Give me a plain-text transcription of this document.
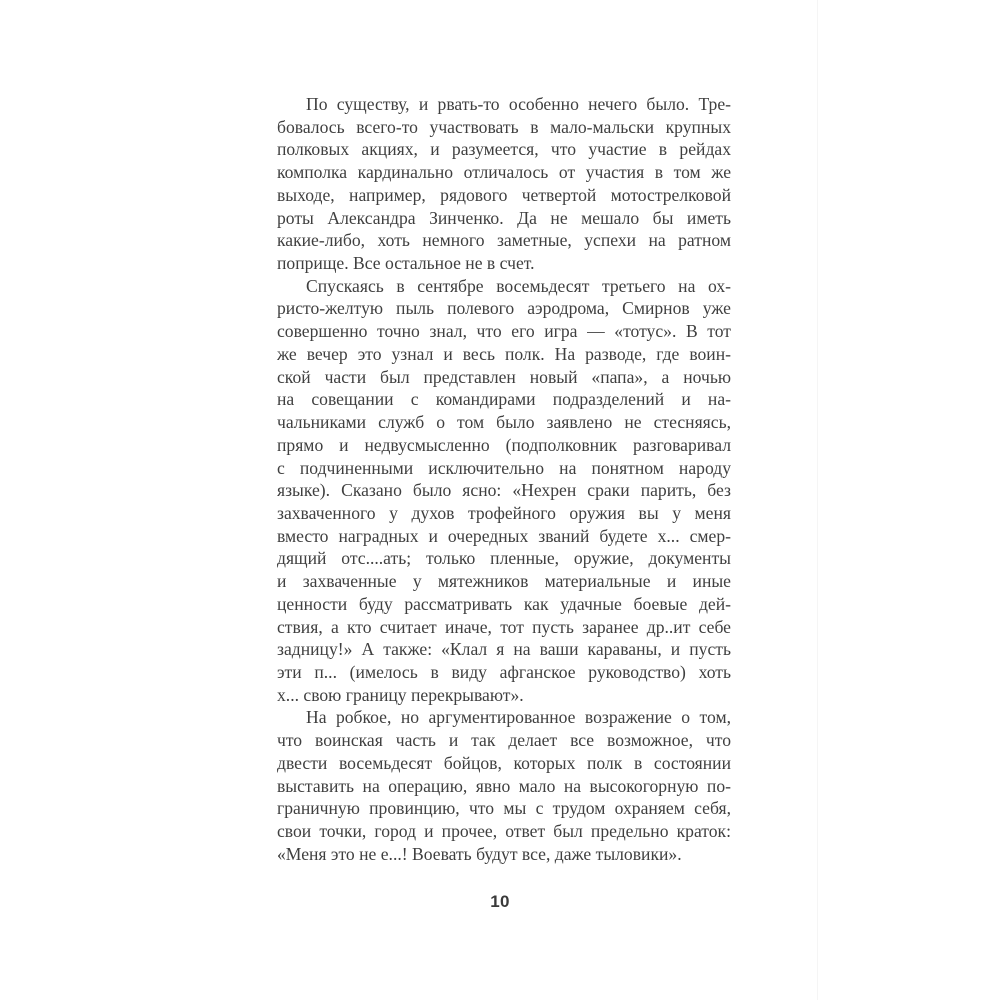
По существу, и рвать-то особенно нечего было. Тре-
бовалось всего-то участвовать в мало-мальски крупных
полковых акциях, и разумеется, что участие в рейдах
комполка кардинально отличалось от участия в том же
выходе, например, рядового четвертой мотострелковой
роты Александра Зинченко. Да не мешало бы иметь
какие-либо, хоть немного заметные, успехи на ратном
поприще. Все остальное не в счет.
Спускаясь в сентябре восемьдесят третьего на ох-
ристо-желтую пыль полевого аэродрома, Смирнов уже
совершенно точно знал, что его игра — «тотус». В тот
же вечер это узнал и весь полк. На разводе, где воин-
ской части был представлен новый «папа», а ночью
на совещании с командирами подразделений и на-
чальниками служб о том было заявлено не стесняясь,
прямо и недвусмысленно (подполковник разговаривал
с подчиненными исключительно на понятном народу
языке). Сказано было ясно: «Нехрен сраки парить, без
захваченного у духов трофейного оружия вы у меня
вместо наградных и очередных званий будете х... смер-
дящий отс....ать; только пленные, оружие, документы
и захваченные у мятежников материальные и иные
ценности буду рассматривать как удачные боевые дей-
ствия, а кто считает иначе, тот пусть заранее др..ит себе
задницу!» А также: «Клал я на ваши караваны, и пусть
эти п... (имелось в виду афганское руководство) хоть
х... свою границу перекрывают».
На робкое, но аргументированное возражение о том,
что воинская часть и так делает все возможное, что
двести восемьдесят бойцов, которых полк в состоянии
выставить на операцию, явно мало на высокогорную по-
граничную провинцию, что мы с трудом охраняем себя,
свои точки, город и прочее, ответ был предельно краток:
«Меня это не е...! Воевать будут все, даже тыловики».
10
